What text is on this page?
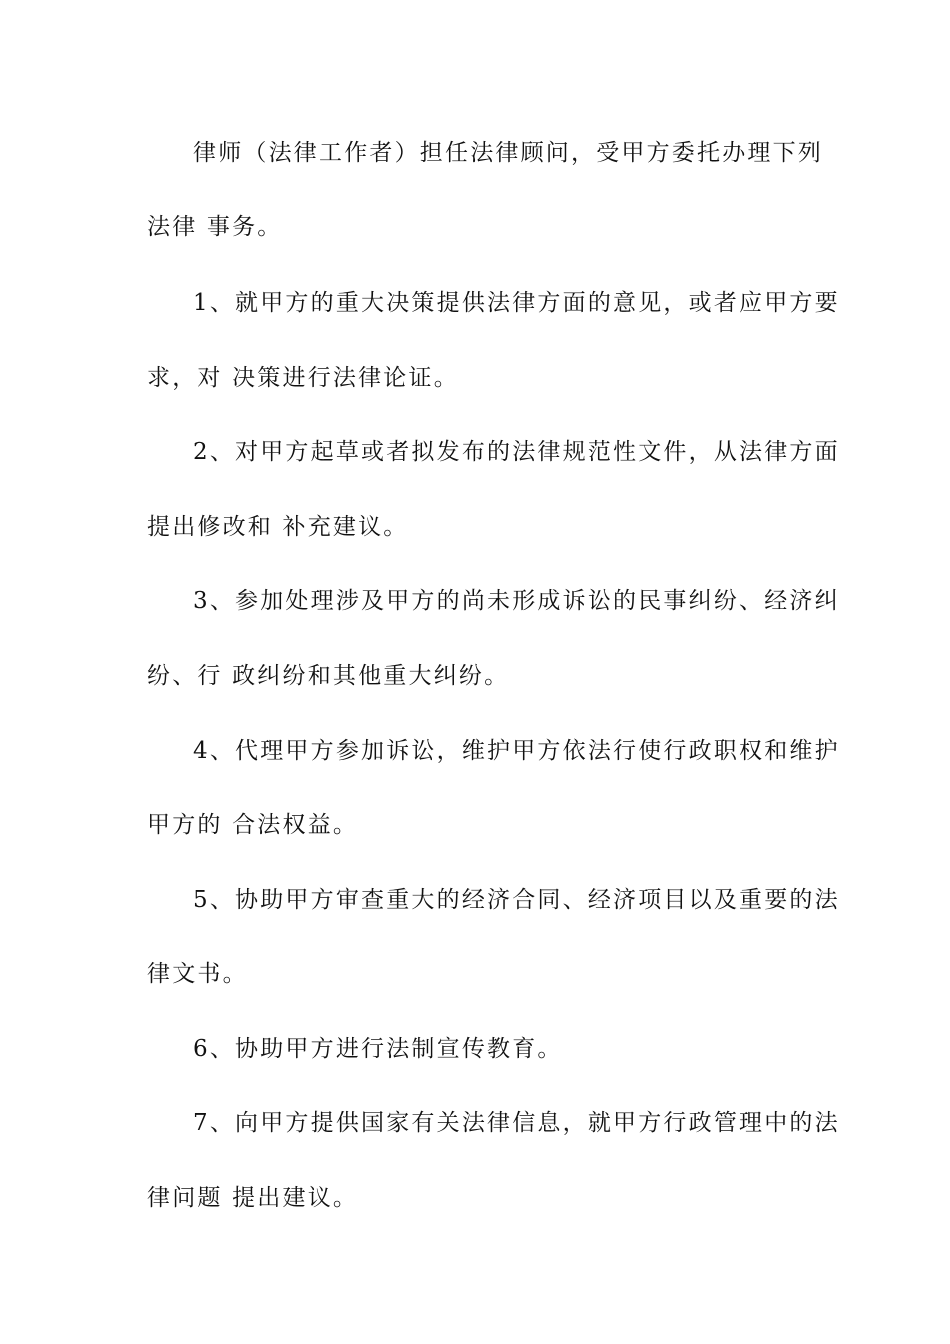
律师（法律工作者）担任法律顾问，受甲方委托办理下列
法律 事务。
1、就甲方的重大决策提供法律方面的意见，或者应甲方要
求，对 决策进行法律论证。
2、对甲方起草或者拟发布的法律规范性文件，从法律方面
提出修改和 补充建议。
3、参加处理涉及甲方的尚未形成诉讼的民事纠纷、经济纠
纷、行 政纠纷和其他重大纠纷。
4、代理甲方参加诉讼，维护甲方依法行使行政职权和维护
甲方的 合法权益。
5、协助甲方审查重大的经济合同、经济项目以及重要的法
律文书。
6、协助甲方进行法制宣传教育。
7、向甲方提供国家有关法律信息，就甲方行政管理中的法
律问题 提出建议。
